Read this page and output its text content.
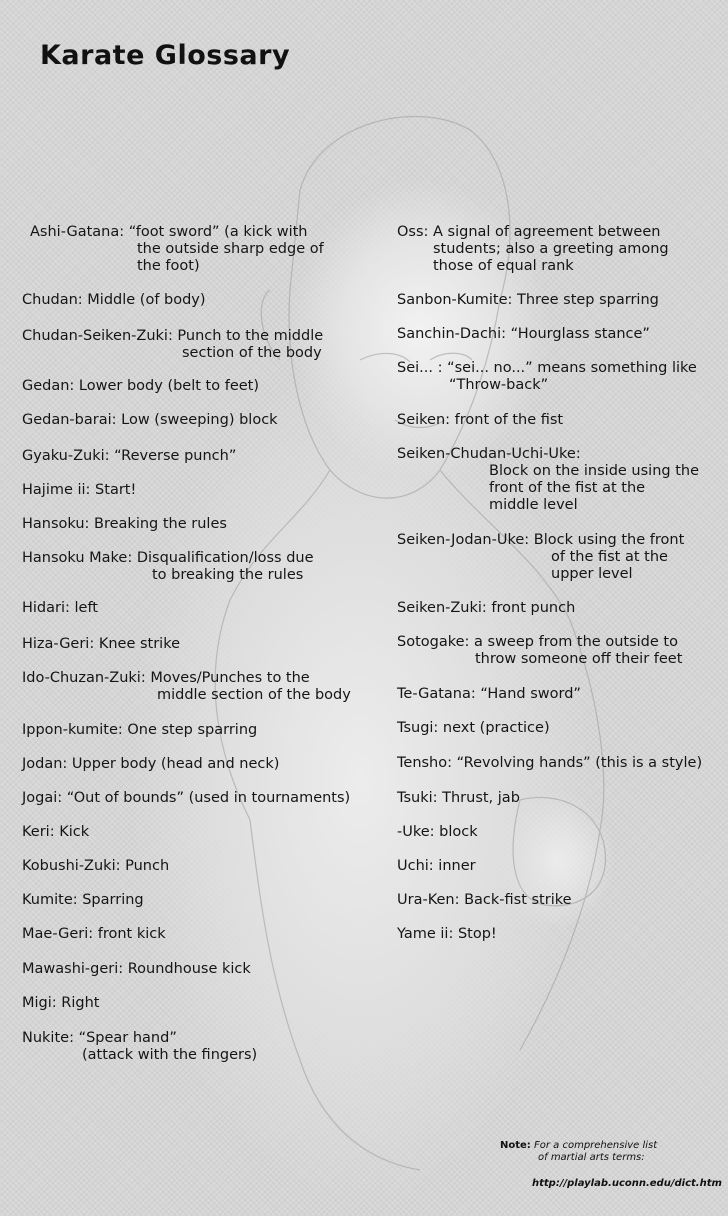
Karate Glossary
Ashi-Gatana: “foot sword” (a kick with
the outside sharp edge of
the foot)
Chudan: Middle (of body)
Chudan-Seiken-Zuki: Punch to the middle
section of the body
Gedan: Lower body (belt to feet)
Gedan-barai: Low (sweeping) block
Gyaku-Zuki: “Reverse punch”
Hajime ii: Start!
Hansoku: Breaking the rules
Hansoku Make: Disqualification/loss due
to breaking the rules
Hidari: left
Hiza-Geri: Knee strike
Ido-Chuzan-Zuki: Moves/Punches to the
middle section of the body
Ippon-kumite: One step sparring
Jodan: Upper body (head and neck)
Jogai: “Out of bounds” (used in tournaments)
Keri: Kick
Kobushi-Zuki: Punch
Kumite: Sparring
Mae-Geri: front kick
Mawashi-geri: Roundhouse kick
Migi: Right
Nukite: “Spear hand”
(attack with the fingers)
Oss: A signal of agreement between
students; also a greeting among
those of equal rank
Sanbon-Kumite: Three step sparring
Sanchin-Dachi: “Hourglass stance”
Sei... : “sei... no...” means something like
“Throw-back”
Seiken: front of the fist
Seiken-Chudan-Uchi-Uke:
Block on the inside using the
front of the fist at the
middle level
Seiken-Jodan-Uke: Block using the front
of the fist at the
upper level
Seiken-Zuki: front punch
Sotogake: a sweep from the outside to
throw someone off their feet
Te-Gatana: “Hand sword”
Tsugi: next (practice)
Tensho: “Revolving hands” (this is a style)
Tsuki: Thrust, jab
-Uke: block
Uchi: inner
Ura-Ken: Back-fist strike
Yame ii: Stop!
Note: For a comprehensive list
of martial arts terms:
http://playlab.uconn.edu/dict.htm
